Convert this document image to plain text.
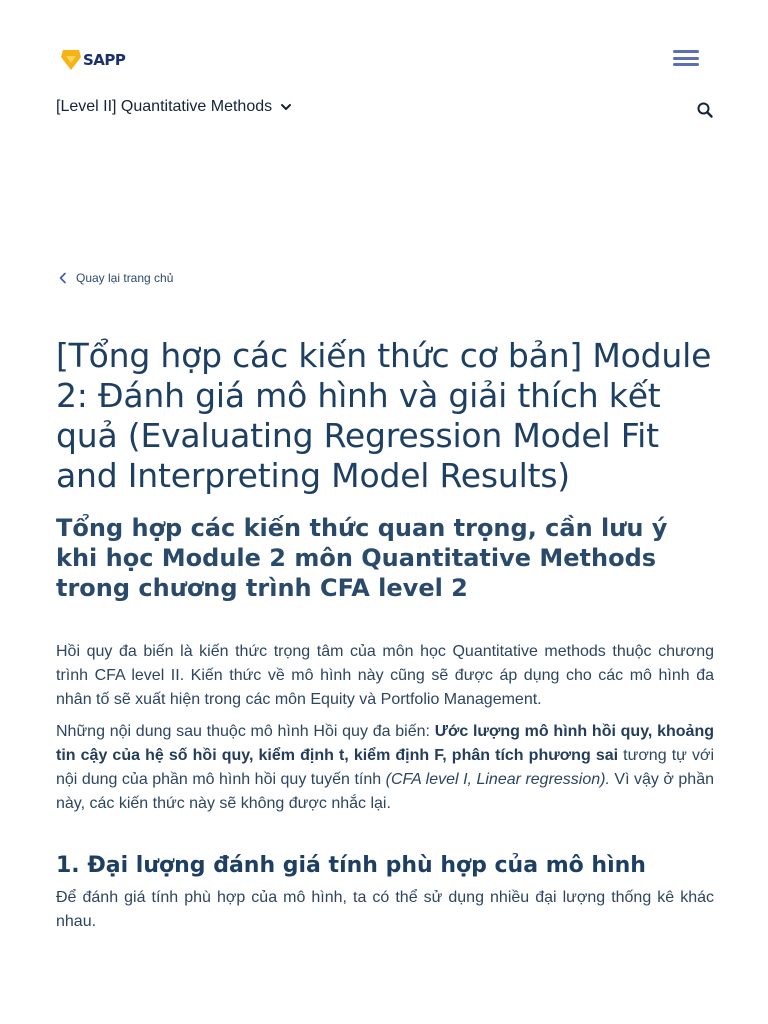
SAPP
[Level II] Quantitative Methods
Quay lại trang chủ
[Tổng hợp các kiến thức cơ bản] Module 2: Đánh giá mô hình và giải thích kết quả (Evaluating Regression Model Fit and Interpreting Model Results)
Tổng hợp các kiến thức quan trọng, cần lưu ý khi học Module 2 môn Quantitative Methods trong chương trình CFA level 2

Hồi quy đa biến là kiến thức trọng tâm của môn học Quantitative methods thuộc chương trình CFA level II. Kiến thức về mô hình này cũng sẽ được áp dụng cho các mô hình đa nhân tố sẽ xuất hiện trong các môn Equity và Portfolio Management.

Những nội dung sau thuộc mô hình Hồi quy đa biến: Ước lượng mô hình hồi quy, khoảng tin cậy của hệ số hồi quy, kiểm định t, kiểm định F, phân tích phương sai tương tự với nội dung của phần mô hình hồi quy tuyến tính (CFA level I, Linear regression). Vì vậy ở phần này, các kiến thức này sẽ không được nhắc lại.

1. Đại lượng đánh giá tính phù hợp của mô hình

Để đánh giá tính phù hợp của mô hình, ta có thể sử dụng nhiều đại lượng thống kê khác nhau.
